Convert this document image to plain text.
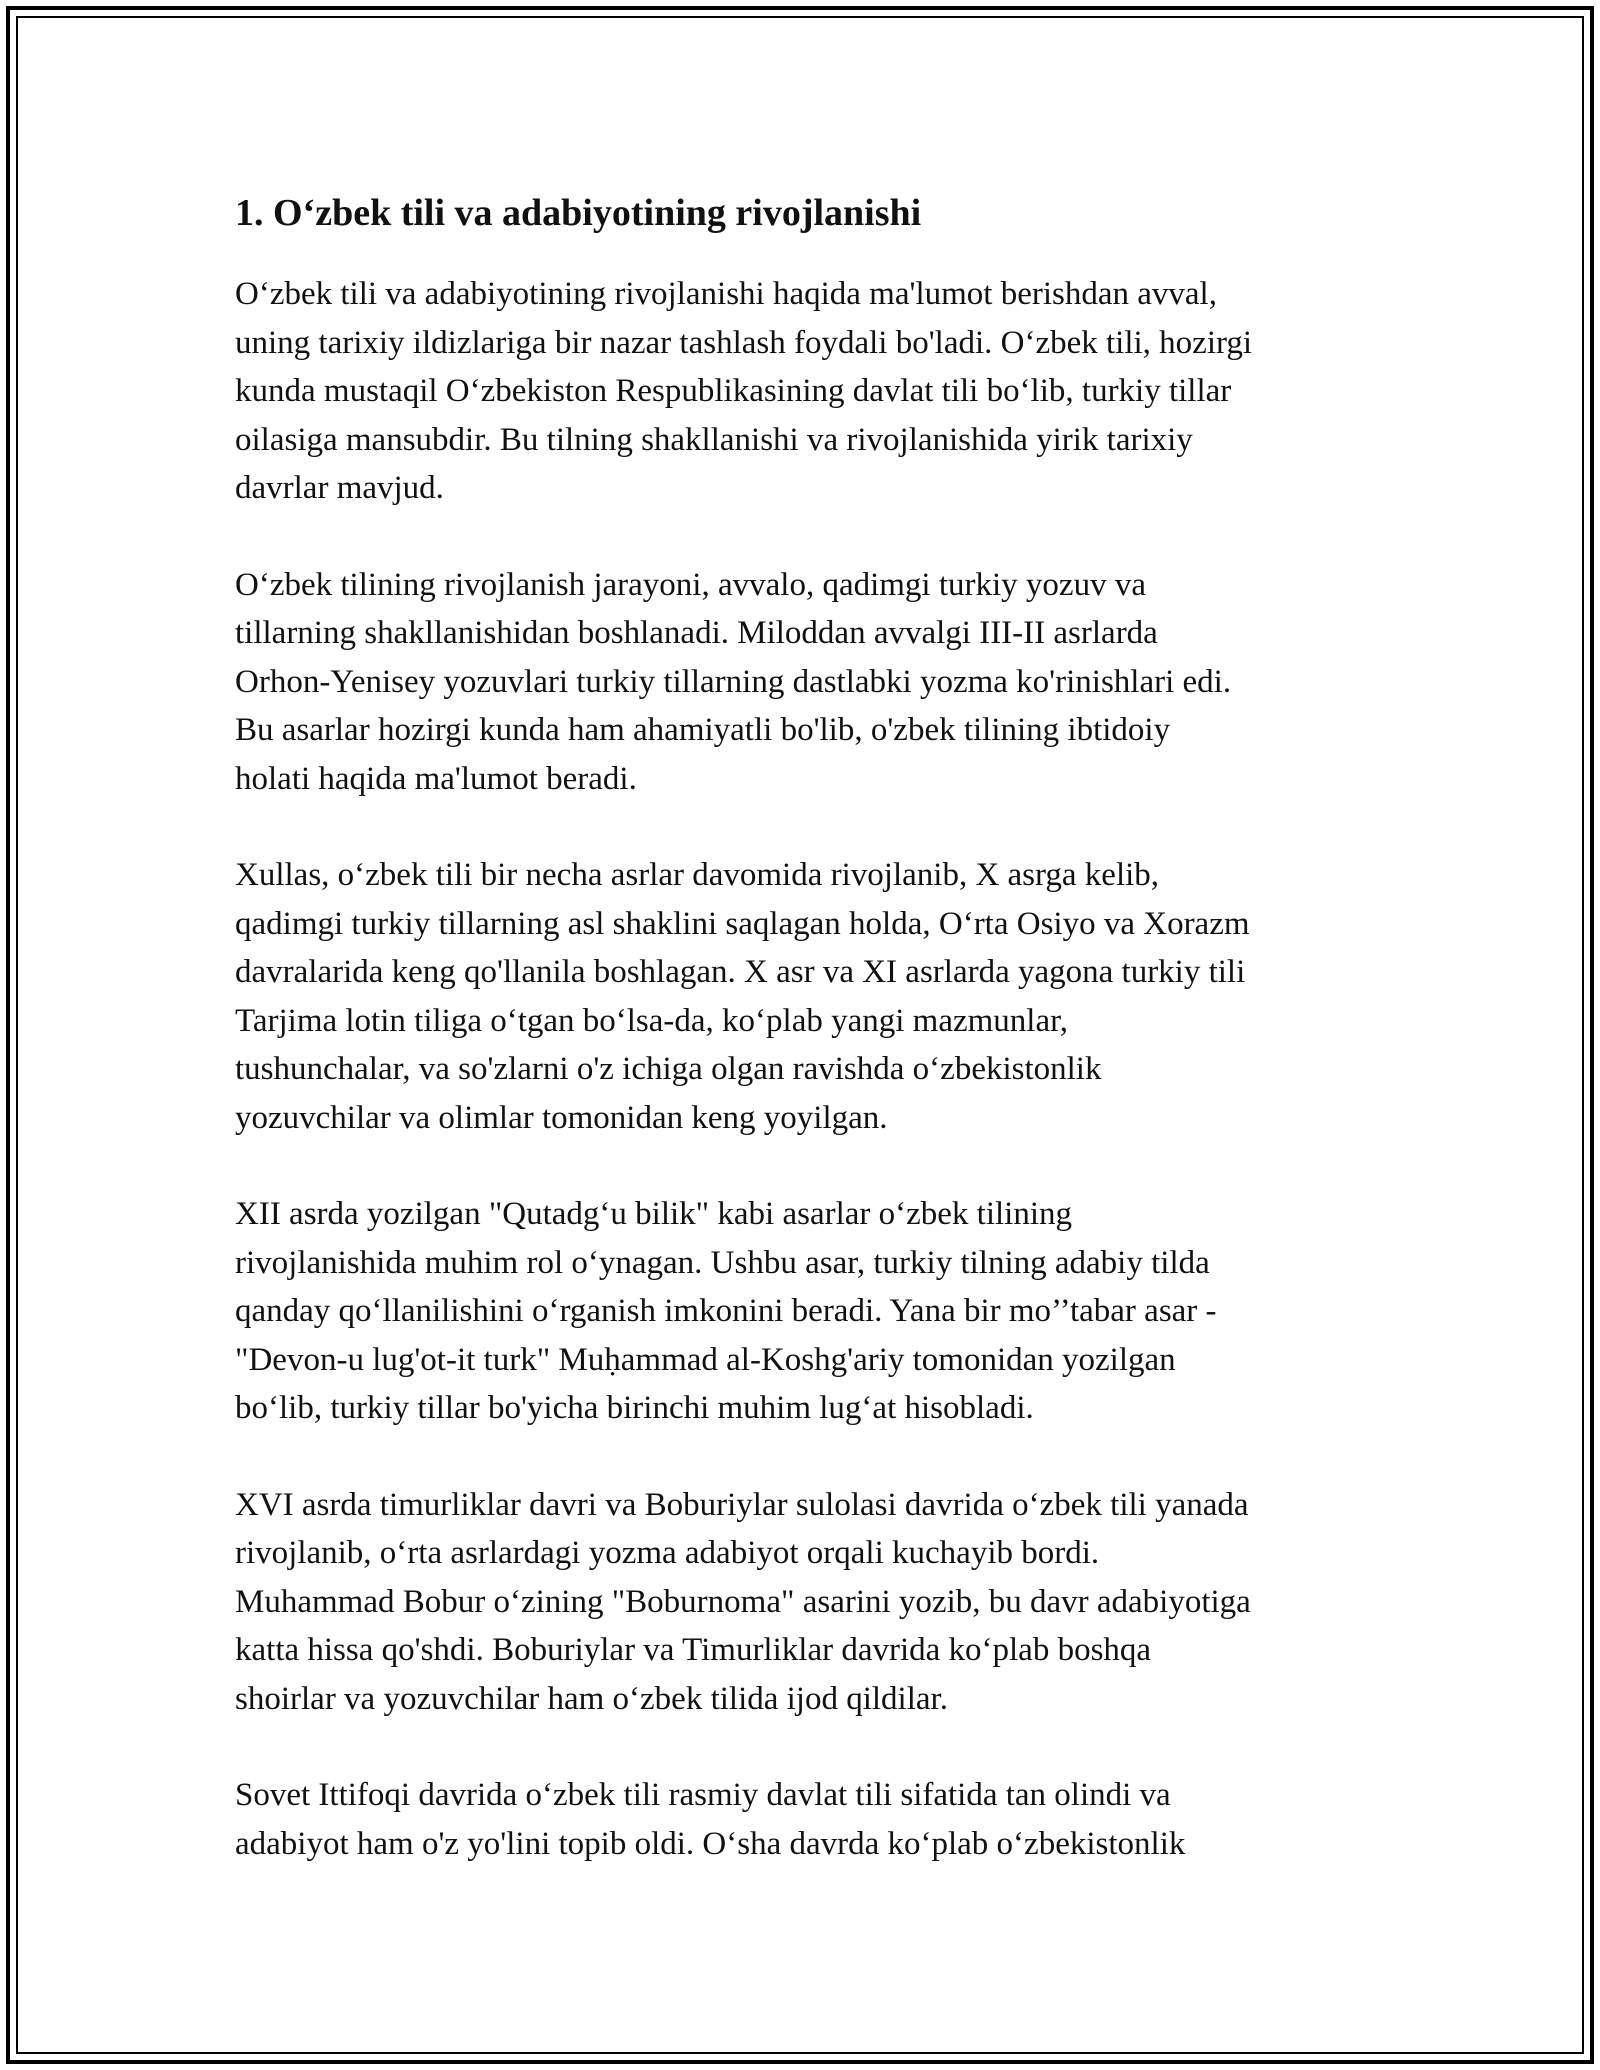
1. O‘zbek tili va adabiyotining rivojlanishi

O‘zbek tili va adabiyotining rivojlanishi haqida ma'lumot berishdan avval,
uning tarixiy ildizlariga bir nazar tashlash foydali bo'ladi. O‘zbek tili, hozirgi
kunda mustaqil O‘zbekiston Respublikasining davlat tili bo‘lib, turkiy tillar
oilasiga mansubdir. Bu tilning shakllanishi va rivojlanishida yirik tarixiy
davrlar mavjud.

O‘zbek tilining rivojlanish jarayoni, avvalo, qadimgi turkiy yozuv va
tillarning shakllanishidan boshlanadi. Miloddan avvalgi III-II asrlarda
Orhon-Yenisey yozuvlari turkiy tillarning dastlabki yozma ko'rinishlari edi.
Bu asarlar hozirgi kunda ham ahamiyatli bo'lib, o'zbek tilining ibtidoiy
holati haqida ma'lumot beradi.

Xullas, o‘zbek tili bir necha asrlar davomida rivojlanib, X asrga kelib,
qadimgi turkiy tillarning asl shaklini saqlagan holda, O‘rta Osiyo va Xorazm
davralarida keng qo'llanila boshlagan. X asr va XI asrlarda yagona turkiy tili
Tarjima lotin tiliga o‘tgan bo‘lsa-da, ko‘plab yangi mazmunlar,
tushunchalar, va so'zlarni o'z ichiga olgan ravishda o‘zbekistonlik
yozuvchilar va olimlar tomonidan keng yoyilgan.

XII asrda yozilgan "Qutadg‘u bilik" kabi asarlar o‘zbek tilining
rivojlanishida muhim rol o‘ynagan. Ushbu asar, turkiy tilning adabiy tilda
qanday qo‘llanilishini o‘rganish imkonini beradi. Yana bir mo’’tabar asar -
"Devon-u lug'ot-it turk" Muḥammad al-Koshg'ariy tomonidan yozilgan
bo‘lib, turkiy tillar bo'yicha birinchi muhim lug‘at hisobladi.

XVI asrda timurliklar davri va Boburiylar sulolasi davrida o‘zbek tili yanada
rivojlanib, o‘rta asrlardagi yozma adabiyot orqali kuchayib bordi.
Muhammad Bobur o‘zining "Boburnoma" asarini yozib, bu davr adabiyotiga
katta hissa qo'shdi. Boburiylar va Timurliklar davrida ko‘plab boshqa
shoirlar va yozuvchilar ham o‘zbek tilida ijod qildilar.

Sovet Ittifoqi davrida o‘zbek tili rasmiy davlat tili sifatida tan olindi va
adabiyot ham o'z yo'lini topib oldi. O‘sha davrda ko‘plab o‘zbekistonlik
